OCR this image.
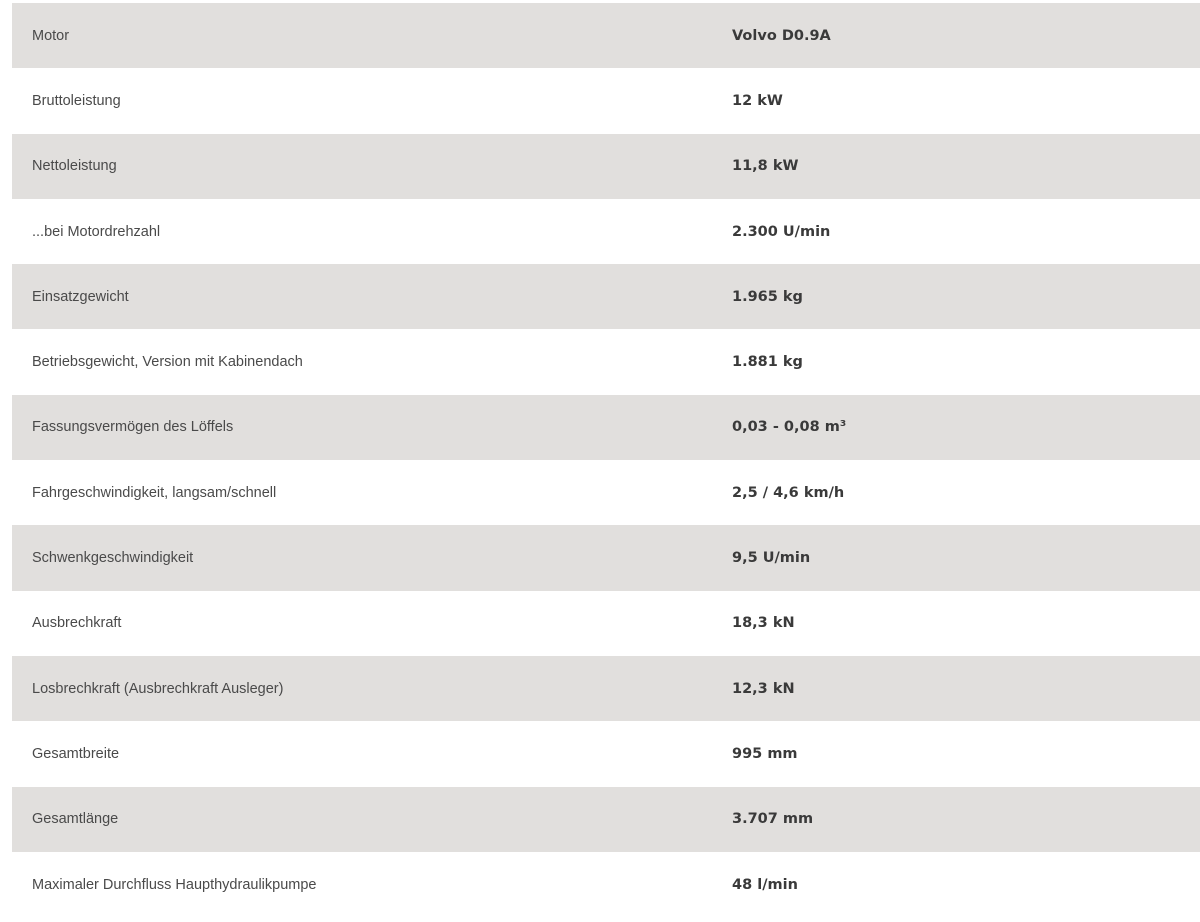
Motor	Volvo D0.9A
Bruttoleistung	12 kW
Nettoleistung	11,8 kW
...bei Motordrehzahl	2.300 U/min
Einsatzgewicht	1.965 kg
Betriebsgewicht, Version mit Kabinendach	1.881 kg
Fassungsvermögen des Löffels	0,03 - 0,08 m³
Fahrgeschwindigkeit, langsam/schnell	2,5 / 4,6 km/h
Schwenkgeschwindigkeit	9,5 U/min
Ausbrechkraft	18,3 kN
Losbrechkraft (Ausbrechkraft Ausleger)	12,3 kN
Gesamtbreite	995 mm
Gesamtlänge	3.707 mm
Maximaler Durchfluss Haupthydraulikpumpe	48 l/min
